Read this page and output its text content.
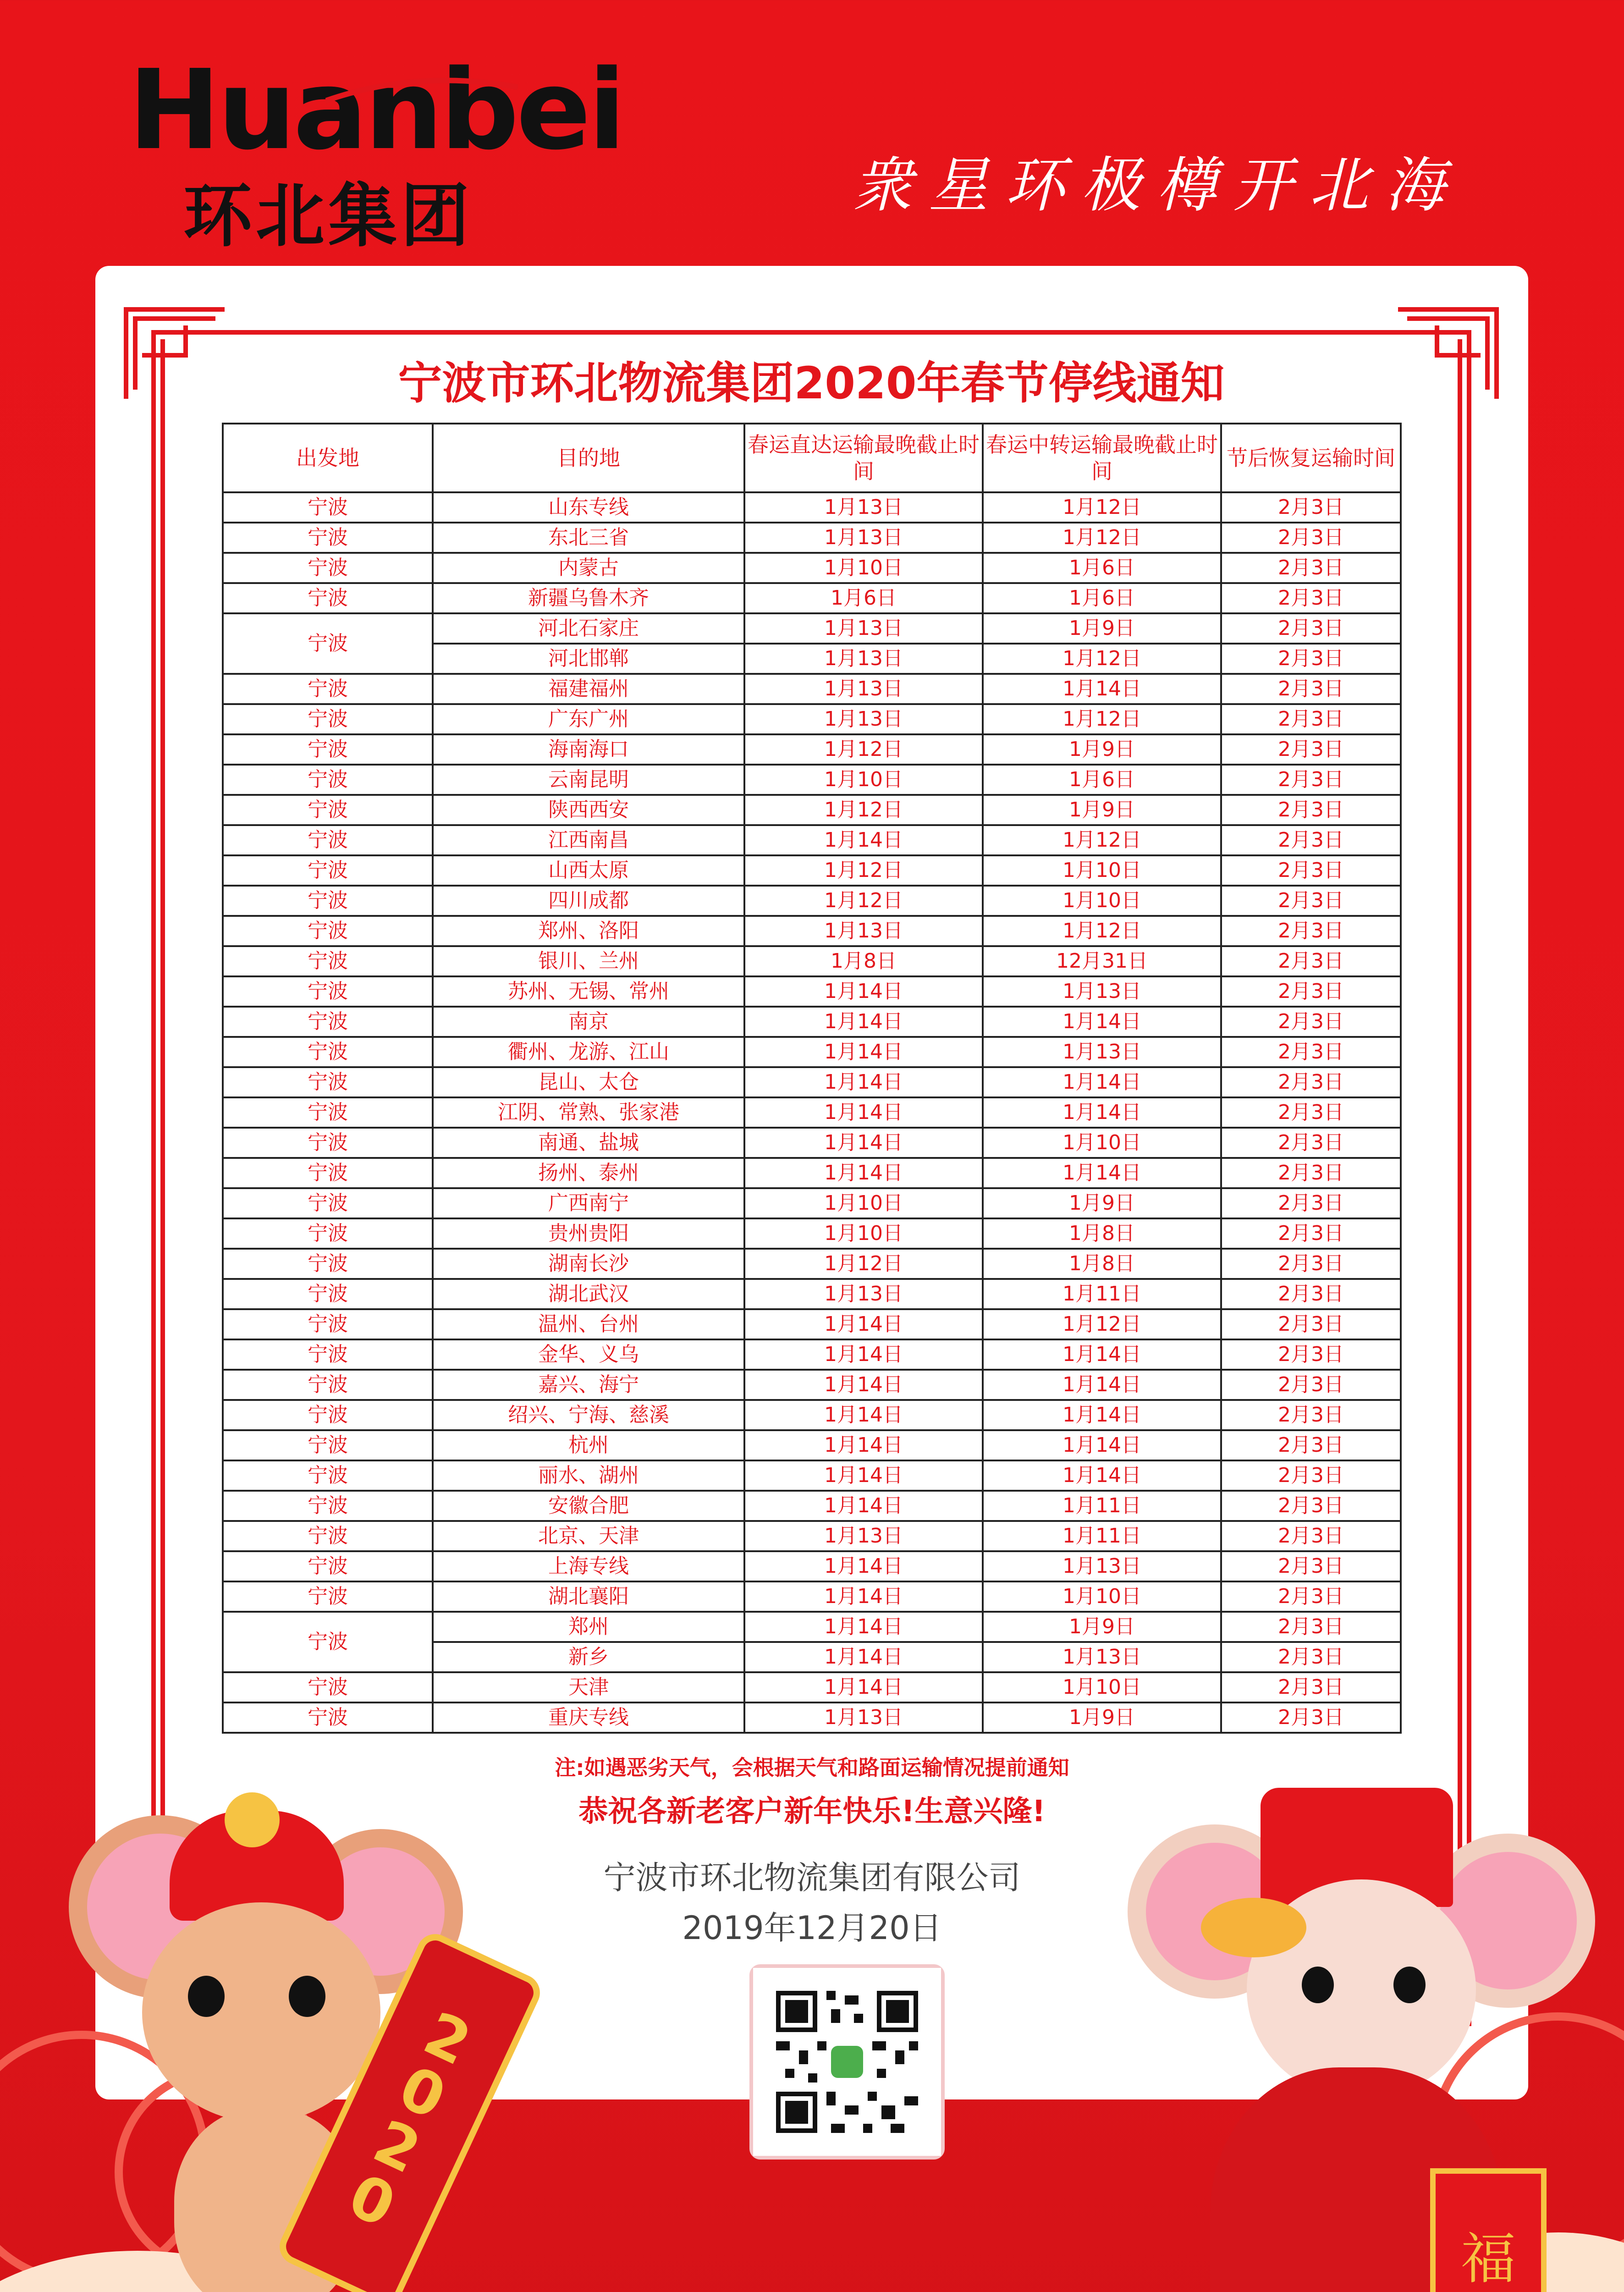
Huanbei
环北集团	衆星环极樽开北海
宁波市环北物流集团2020年春节停线通知
出发地	目的地	春运直达运输最晚截止时间	春运中转运输最晚截止时间	节后恢复运输时间
宁波	山东专线	1月13日	1月12日	2月3日
宁波	东北三省	1月13日	1月12日	2月3日
宁波	内蒙古	1月10日	1月6日	2月3日
宁波	新疆乌鲁木齐	1月6日	1月6日	2月3日
宁波	河北石家庄	1月13日	1月9日	2月3日
	河北邯郸	1月13日	1月12日	2月3日
宁波	福建福州	1月13日	1月14日	2月3日
宁波	广东广州	1月13日	1月12日	2月3日
宁波	海南海口	1月12日	1月9日	2月3日
宁波	云南昆明	1月10日	1月6日	2月3日
宁波	陕西西安	1月12日	1月9日	2月3日
宁波	江西南昌	1月14日	1月12日	2月3日
宁波	山西太原	1月12日	1月10日	2月3日
宁波	四川成都	1月12日	1月10日	2月3日
宁波	郑州、洛阳	1月13日	1月12日	2月3日
宁波	银川、兰州	1月8日	12月31日	2月3日
宁波	苏州、无锡、常州	1月14日	1月13日	2月3日
宁波	南京	1月14日	1月14日	2月3日
宁波	衢州、龙游、江山	1月14日	1月13日	2月3日
宁波	昆山、太仓	1月14日	1月14日	2月3日
宁波	江阴、常熟、张家港	1月14日	1月14日	2月3日
宁波	南通、盐城	1月14日	1月10日	2月3日
宁波	扬州、泰州	1月14日	1月14日	2月3日
宁波	广西南宁	1月10日	1月9日	2月3日
宁波	贵州贵阳	1月10日	1月8日	2月3日
宁波	湖南长沙	1月12日	1月8日	2月3日
宁波	湖北武汉	1月13日	1月11日	2月3日
宁波	温州、台州	1月14日	1月12日	2月3日
宁波	金华、义乌	1月14日	1月14日	2月3日
宁波	嘉兴、海宁	1月14日	1月14日	2月3日
宁波	绍兴、宁海、慈溪	1月14日	1月14日	2月3日
宁波	杭州	1月14日	1月14日	2月3日
宁波	丽水、湖州	1月14日	1月14日	2月3日
宁波	安徽合肥	1月14日	1月11日	2月3日
宁波	北京、天津	1月13日	1月11日	2月3日
宁波	上海专线	1月14日	1月13日	2月3日
宁波	湖北襄阳	1月14日	1月10日	2月3日
宁波	郑州	1月14日	1月9日	2月3日
	新乡	1月14日	1月13日	2月3日
宁波	天津	1月14日	1月10日	2月3日
宁波	重庆专线	1月13日	1月9日	2月3日
注:如遇恶劣天气，会根据天气和路面运输情况提前通知
恭祝各新老客户新年快乐!生意兴隆!
宁波市环北物流集团有限公司
2019年12月20日
2020
福
